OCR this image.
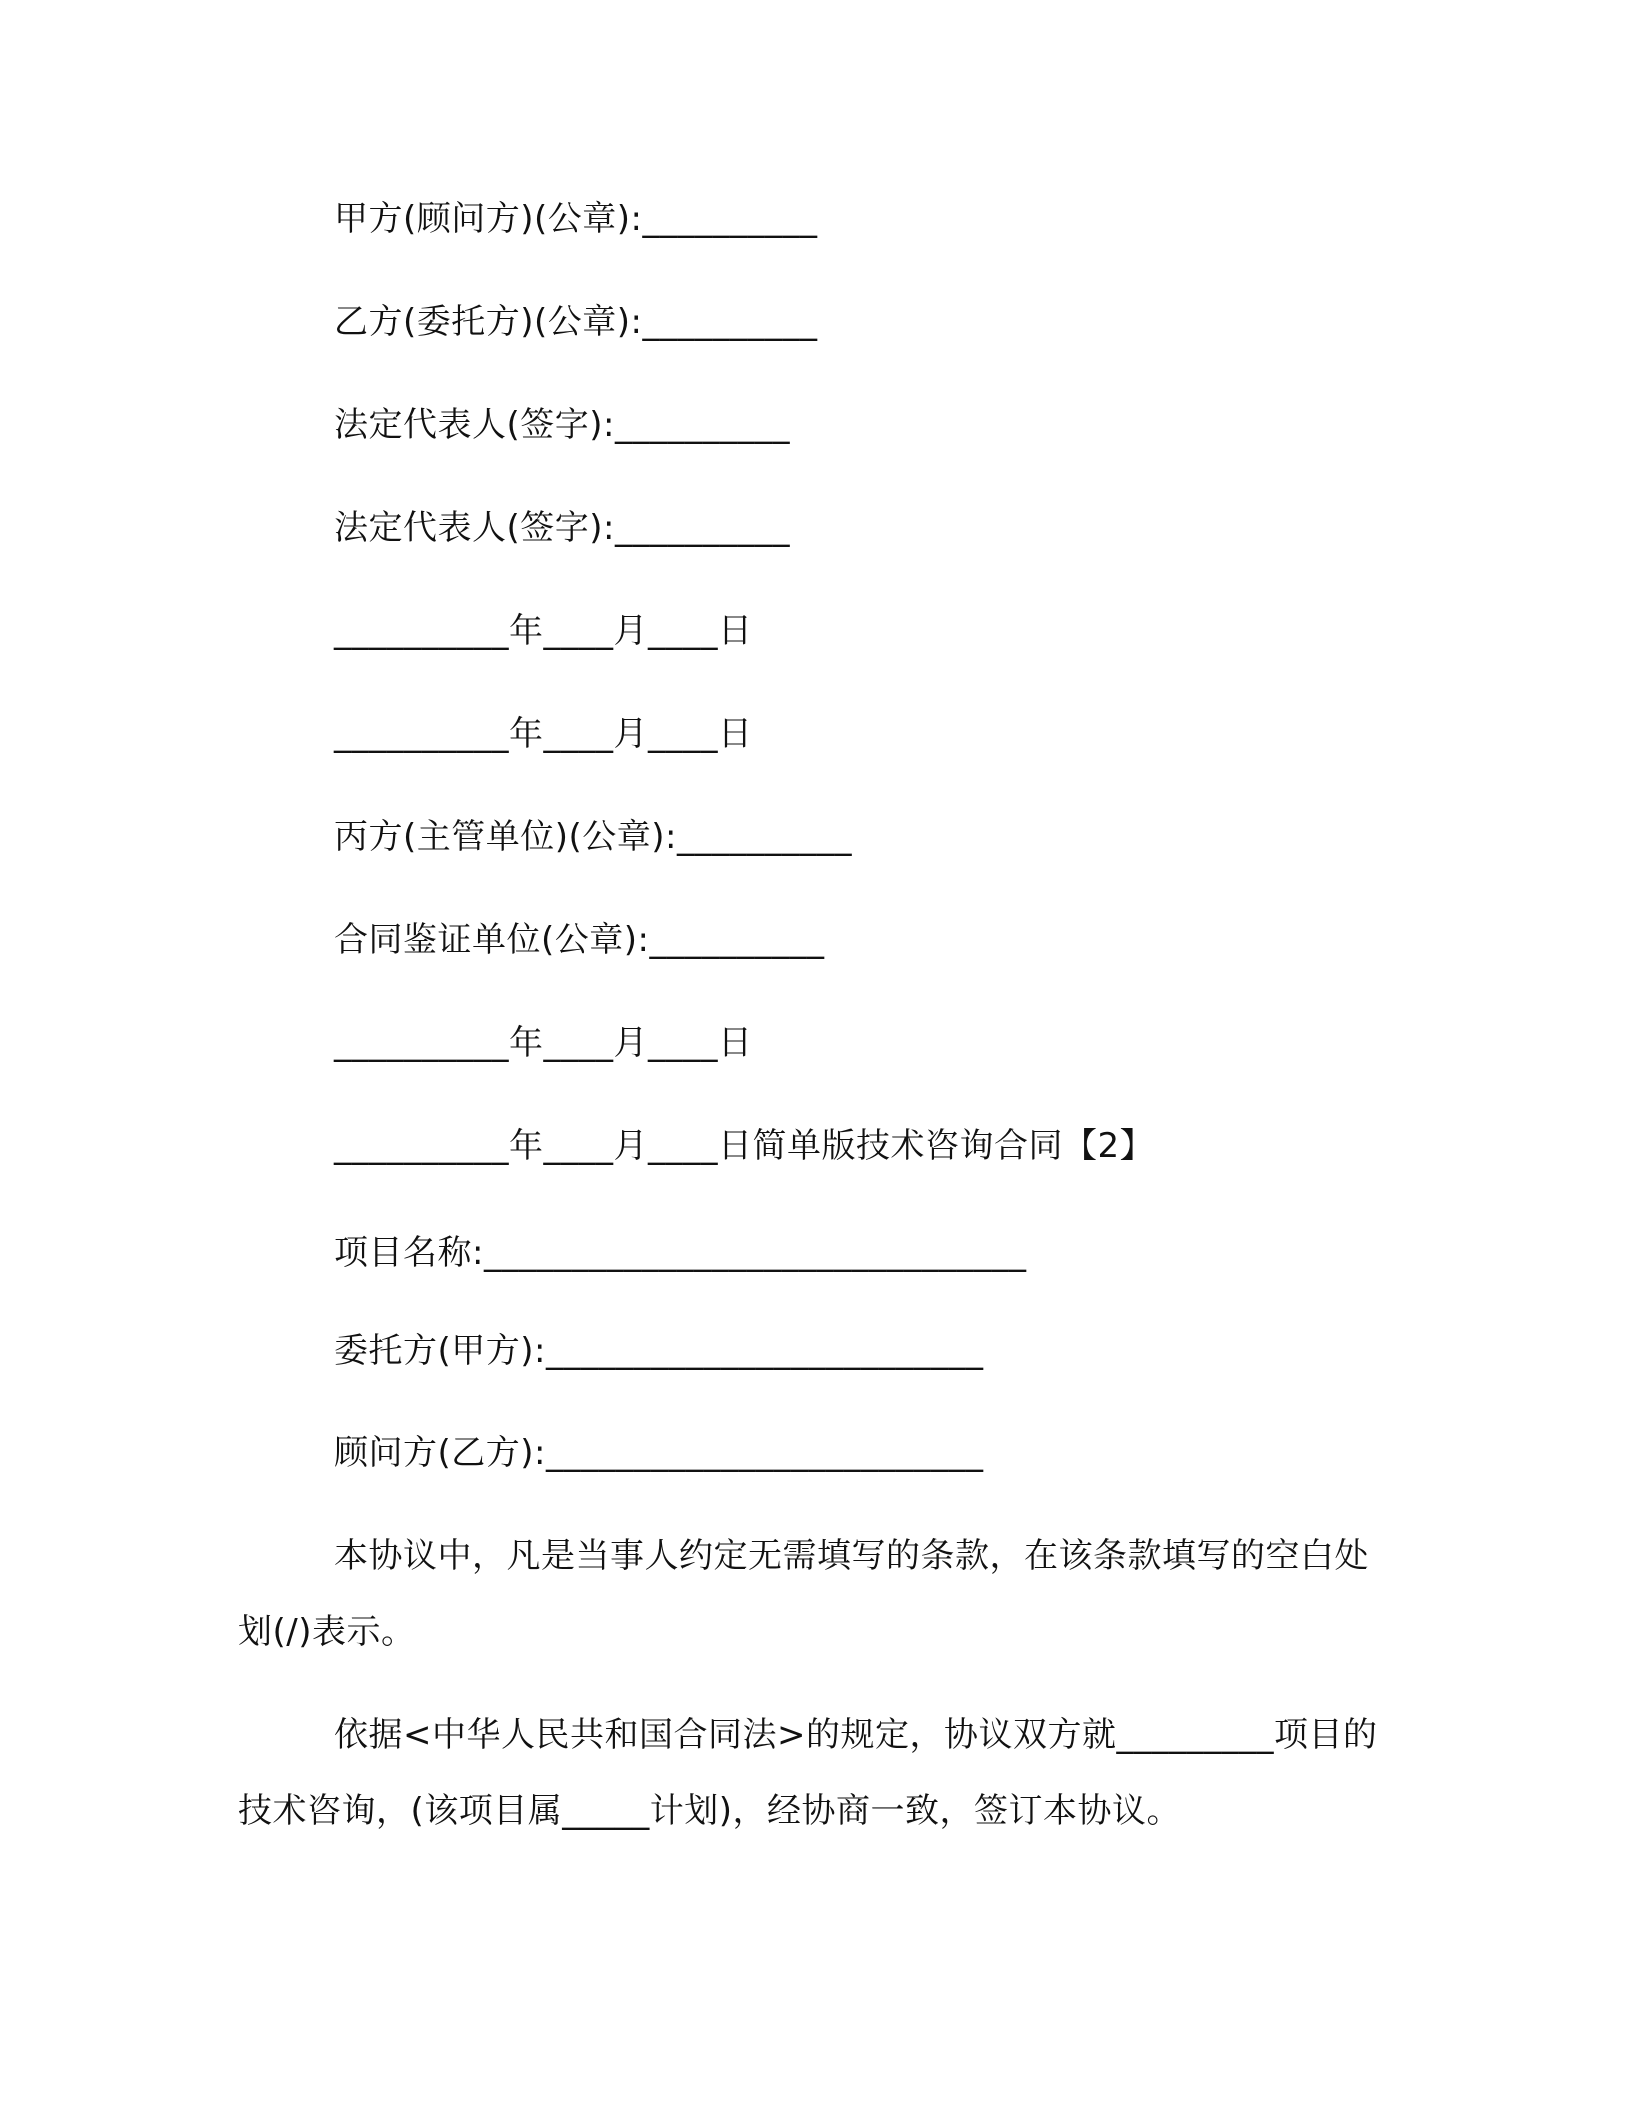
甲方(顾问方)(公章):__________
乙方(委托方)(公章):__________
法定代表人(签字):__________
法定代表人(签字):__________
__________年____月____日
__________年____月____日
丙方(主管单位)(公章):__________
合同鉴证单位(公章):__________
__________年____月____日
__________年____月____日简单版技术咨询合同【2】
项目名称:_______________________________
委托方(甲方):_________________________
顾问方(乙方):_________________________
本协议中，凡是当事人约定无需填写的条款，在该条款填写的空白处划(/)表示。
依据<中华人民共和国合同法>的规定，协议双方就_________项目的技术咨询，(该项目属_____计划)，经协商一致，签订本协议。
